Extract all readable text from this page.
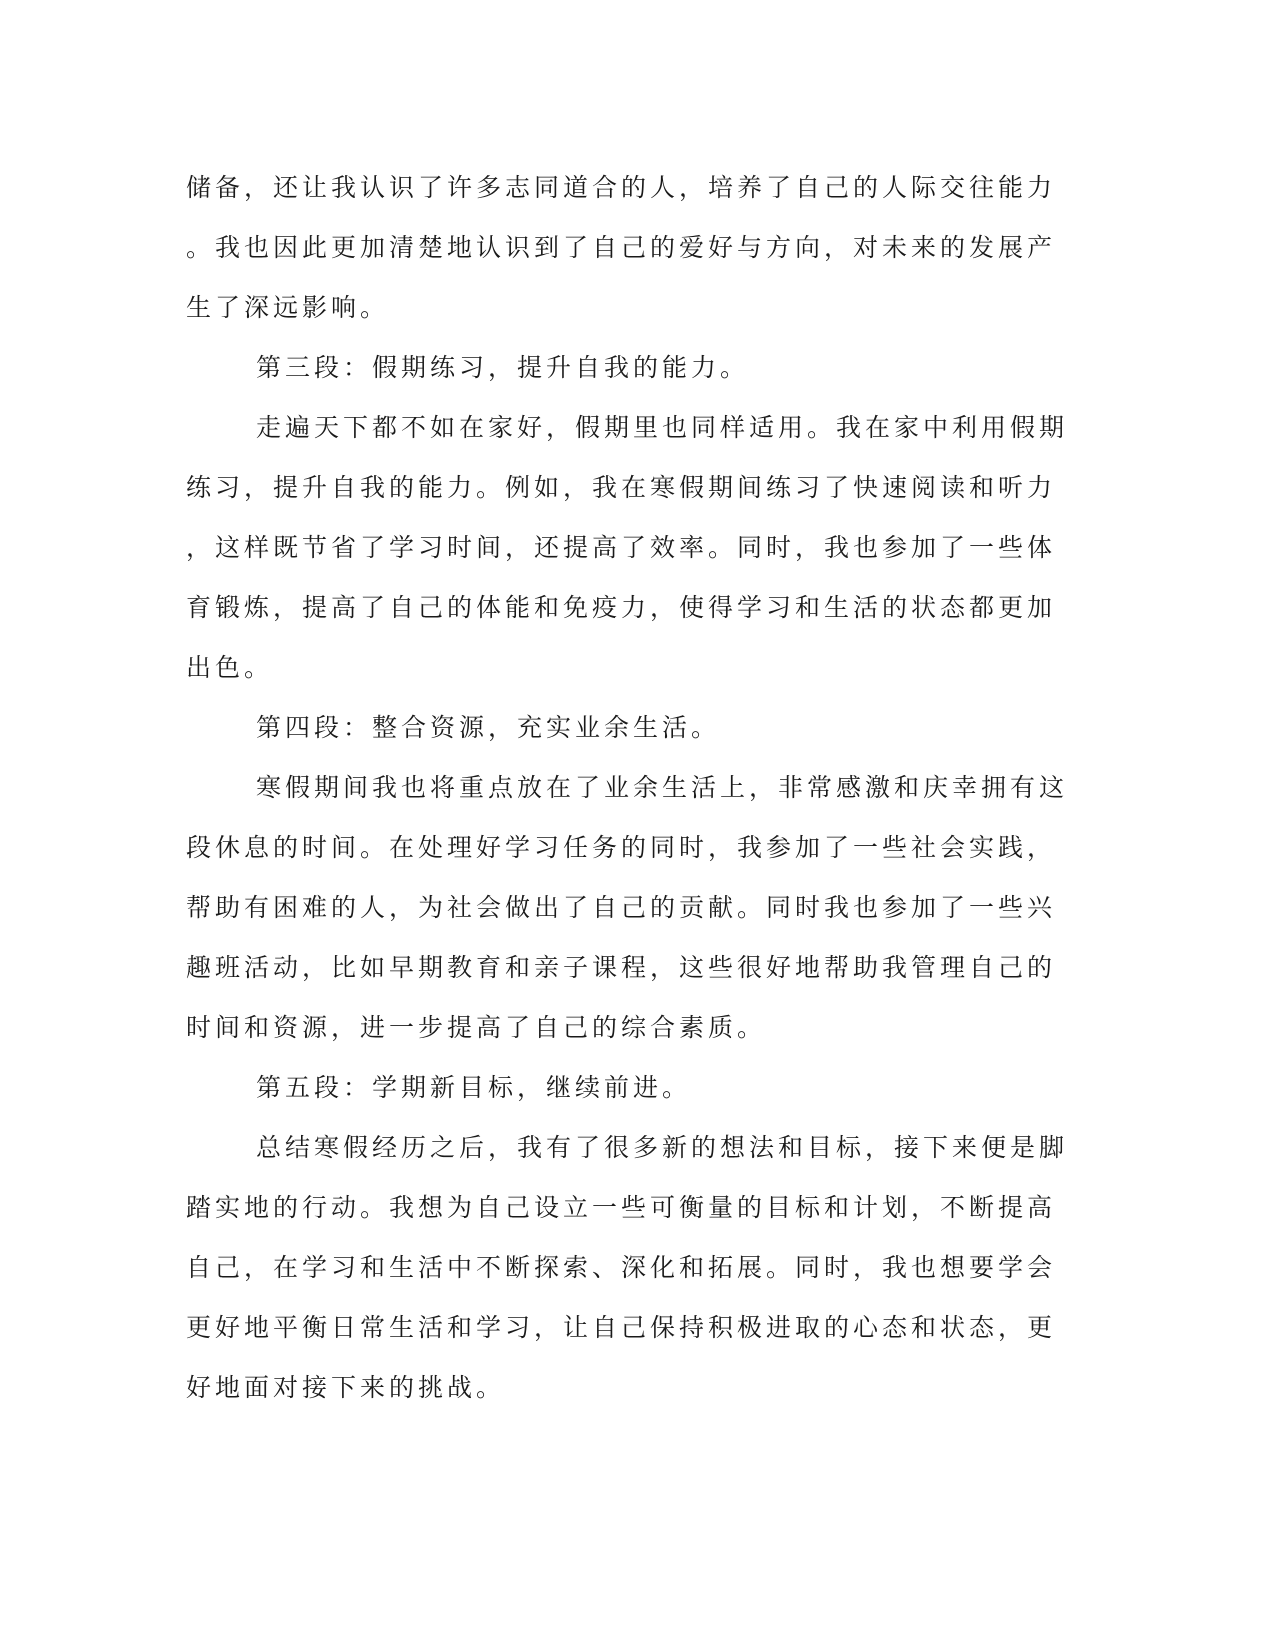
储备，还让我认识了许多志同道合的人，培养了自己的人际交往能力
。我也因此更加清楚地认识到了自己的爱好与方向，对未来的发展产
生了深远影响。
第三段：假期练习，提升自我的能力。
走遍天下都不如在家好，假期里也同样适用。我在家中利用假期
练习，提升自我的能力。例如，我在寒假期间练习了快速阅读和听力
，这样既节省了学习时间，还提高了效率。同时，我也参加了一些体
育锻炼，提高了自己的体能和免疫力，使得学习和生活的状态都更加
出色。
第四段：整合资源，充实业余生活。
寒假期间我也将重点放在了业余生活上，非常感激和庆幸拥有这
段休息的时间。在处理好学习任务的同时，我参加了一些社会实践，
帮助有困难的人，为社会做出了自己的贡献。同时我也参加了一些兴
趣班活动，比如早期教育和亲子课程，这些很好地帮助我管理自己的
时间和资源，进一步提高了自己的综合素质。
第五段：学期新目标，继续前进。
总结寒假经历之后，我有了很多新的想法和目标，接下来便是脚
踏实地的行动。我想为自己设立一些可衡量的目标和计划，不断提高
自己，在学习和生活中不断探索、深化和拓展。同时，我也想要学会
更好地平衡日常生活和学习，让自己保持积极进取的心态和状态，更
好地面对接下来的挑战。
